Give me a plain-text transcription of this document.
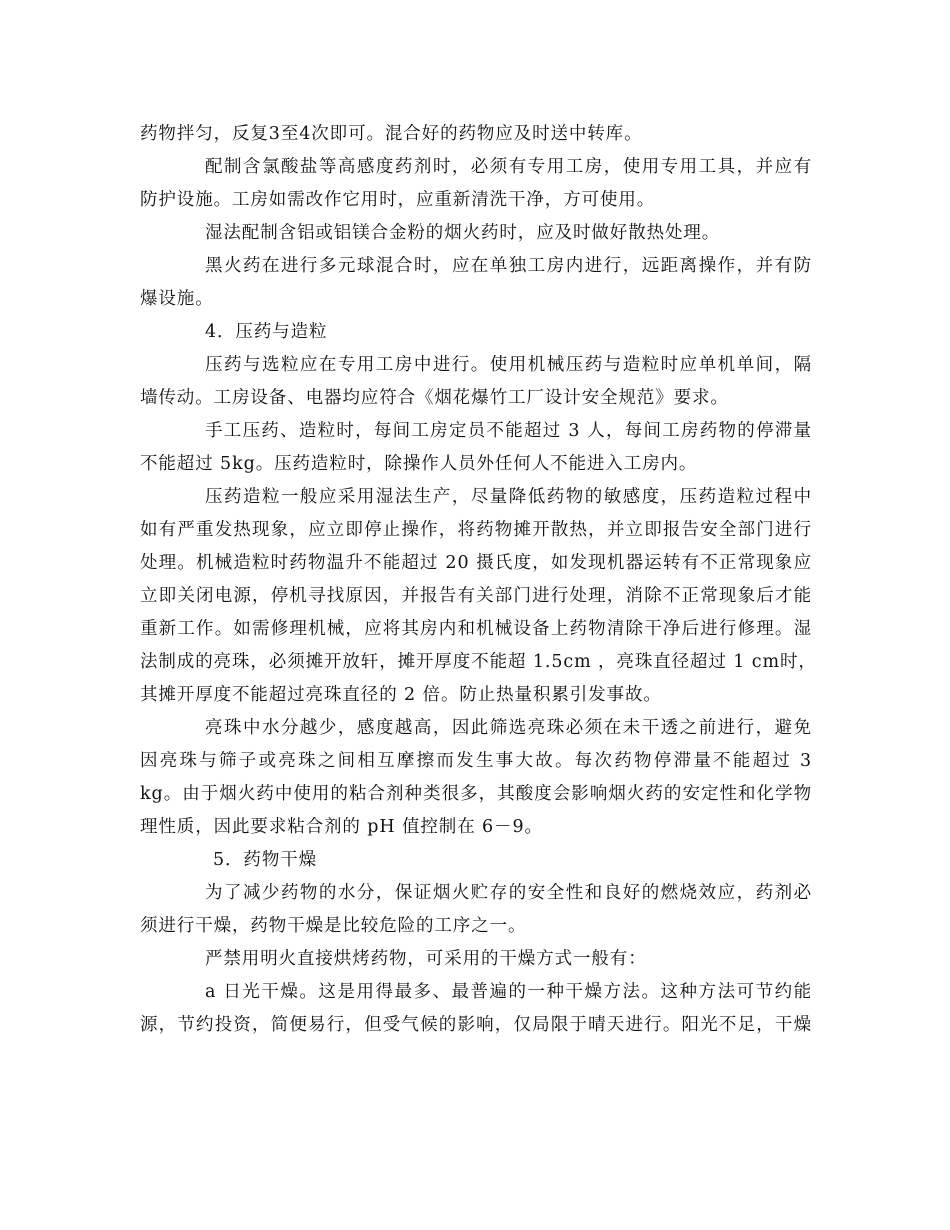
药物拌匀，反复3至4次即可。混合好的药物应及时送中转库。
配制含氯酸盐等高感度药剂时，必须有专用工房，使用专用工具，并应有
防护设施。工房如需改作它用时，应重新清洗干净，方可使用。
湿法配制含铝或铝镁合金粉的烟火药时，应及时做好散热处理。
黑火药在进行多元球混合时，应在单独工房内进行，远距离操作，并有防
爆设施。
4．压药与造粒
压药与选粒应在专用工房中进行。使用机械压药与造粒时应单机单间，隔
墙传动。工房设备、电器均应符合《烟花爆竹工厂设计安全规范》要求。
手工压药、造粒时，每间工房定员不能超过 3 人，每间工房药物的停滞量
不能超过 5kg。压药造粒时，除操作人员外任何人不能进入工房内。
压药造粒一般应采用湿法生产，尽量降低药物的敏感度，压药造粒过程中
如有严重发热现象，应立即停止操作，将药物摊开散热，并立即报告安全部门进行
处理。机械造粒时药物温升不能超过 20 摄氏度，如发现机器运转有不正常现象应
立即关闭电源，停机寻找原因，并报告有关部门进行处理，消除不正常现象后才能
重新工作。如需修理机械，应将其房内和机械设备上药物清除干净后进行修理。湿
法制成的亮珠，必须摊开放轩，摊开厚度不能超 1.5cm ，亮珠直径超过 1 cm时，
其摊开厚度不能超过亮珠直径的 2 倍。防止热量积累引发事故。
亮珠中水分越少，感度越高，因此筛选亮珠必须在未干透之前进行，避免
因亮珠与筛子或亮珠之间相互摩擦而发生事大故。每次药物停滞量不能超过 3
kg。由于烟火药中使用的粘合剂种类很多，其酸度会影响烟火药的安定性和化学物
理性质，因此要求粘合剂的 pH 值控制在 6－9。
5．药物干燥
为了减少药物的水分，保证烟火贮存的安全性和良好的燃烧效应，药剂必
须进行干燥，药物干燥是比较危险的工序之一。
严禁用明火直接烘烤药物，可采用的干燥方式一般有：
a 日光干燥。这是用得最多、最普遍的一种干燥方法。这种方法可节约能
源，节约投资，简便易行，但受气候的影响，仅局限于晴天进行。阳光不足，干燥
